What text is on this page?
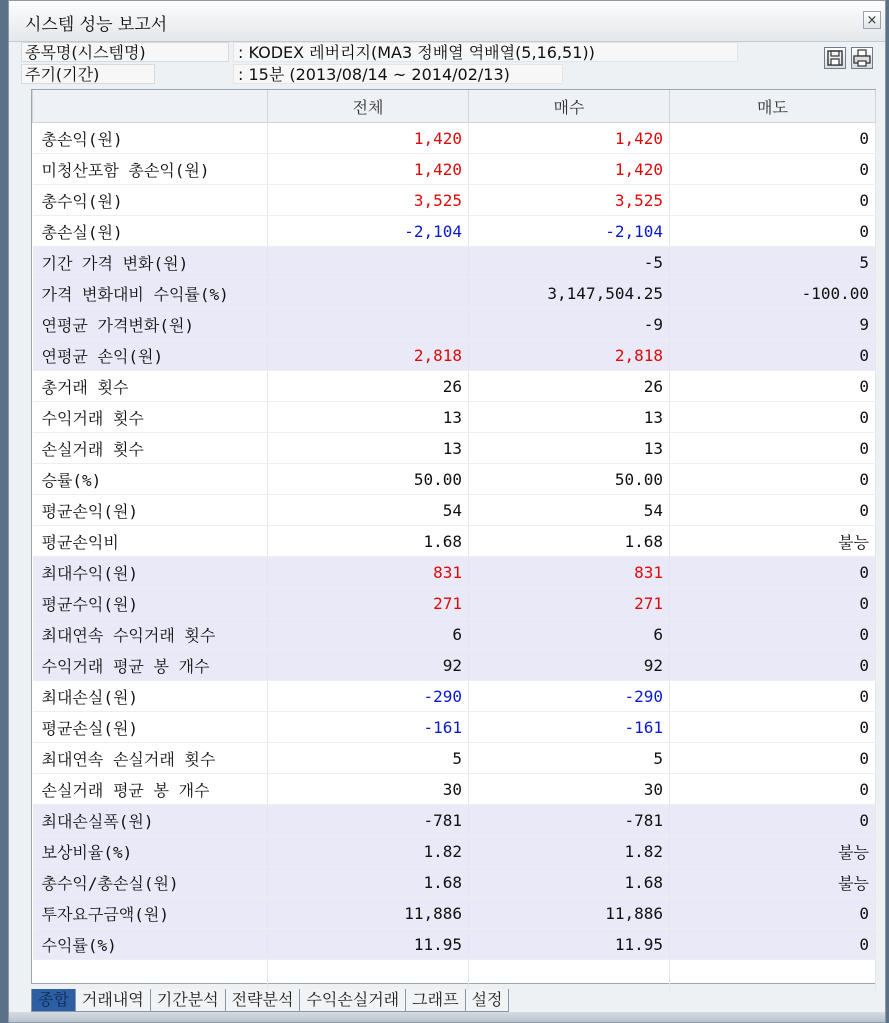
시스템 성능 보고서	×
종목명(시스템명)	: KODEX 레버리지(MA3 정배열 역배열(5,16,51))
주기(기간)	: 15분 (2013/08/14 ~ 2014/02/13)
	전체	매수	매도
총손익(원)	1,420	1,420	0
미청산포함 총손익(원)	1,420	1,420	0
총수익(원)	3,525	3,525	0
총손실(원)	-2,104	-2,104	0
기간 가격 변화(원)		-5	5
가격 변화대비 수익률(%)		3,147,504.25	-100.00
연평균 가격변화(원)		-9	9
연평균 손익(원)	2,818	2,818	0
총거래 횟수	26	26	0
수익거래 횟수	13	13	0
손실거래 횟수	13	13	0
승률(%)	50.00	50.00	0
평균손익(원)	54	54	0
평균손익비	1.68	1.68	불능
최대수익(원)	831	831	0
평균수익(원)	271	271	0
최대연속 수익거래 횟수	6	6	0
수익거래 평균 봉 개수	92	92	0
최대손실(원)	-290	-290	0
평균손실(원)	-161	-161	0
최대연속 손실거래 횟수	5	5	0
손실거래 평균 봉 개수	30	30	0
최대손실폭(원)	-781	-781	0
보상비율(%)	1.82	1.82	불능
총수익/총손실(원)	1.68	1.68	불능
투자요구금액(원)	11,886	11,886	0
수익률(%)	11.95	11.95	0

종합 거래내역 기간분석 전략분석 수익손실거래 그래프 설정
